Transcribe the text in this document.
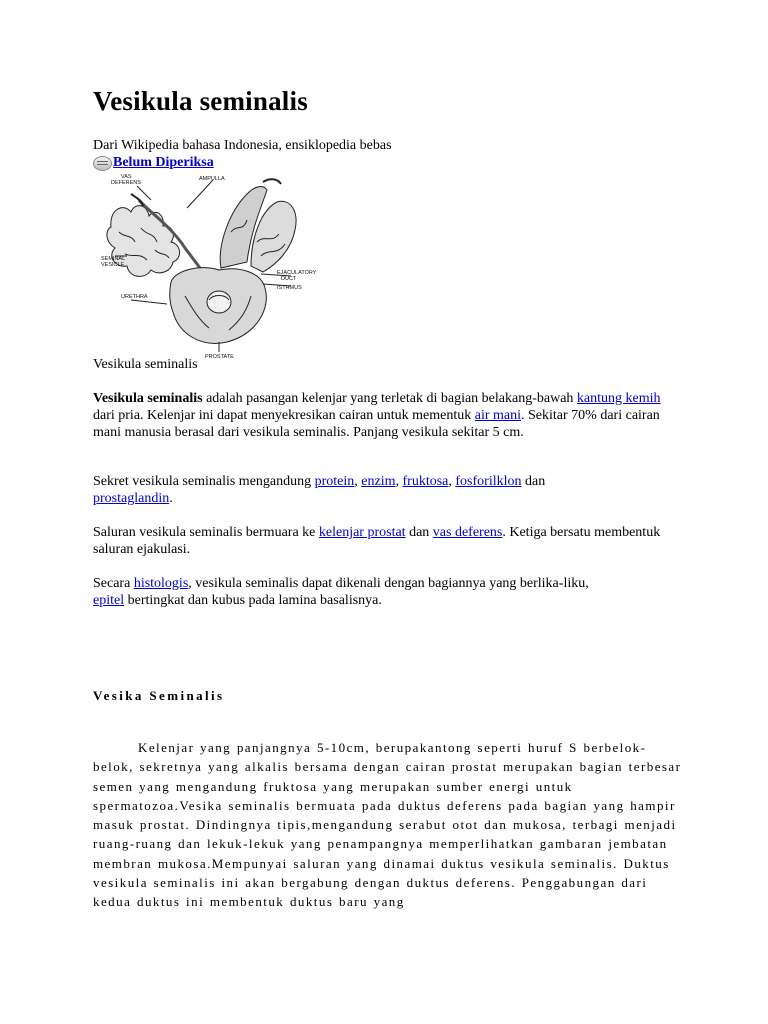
Vesikula seminalis
Dari Wikipedia bahasa Indonesia, ensiklopedia bebas
Belum Diperiksa
VAS
DEFERENS
AMPULLA
SEMINAL
VESICLE
EJACULATORY
DUCT
ISTHMUS
URETHRA
PROSTATE
Vesikula seminalis

Vesikula seminalis adalah pasangan kelenjar yang terletak di bagian belakang-bawah kantung kemih dari pria. Kelenjar ini dapat menyekresikan cairan untuk mementuk air mani. Sekitar 70% dari cairan mani manusia berasal dari vesikula seminalis. Panjang vesikula sekitar 5 cm.

Sekret vesikula seminalis mengandung protein, enzim, fruktosa, fosforilklon dan
prostaglandin.

Saluran vesikula seminalis bermuara ke kelenjar prostat dan vas deferens. Ketiga bersatu membentuk saluran ejakulasi.

Secara histologis, vesikula seminalis dapat dikenali dengan bagiannya yang berlika-liku,
epitel bertingkat dan kubus pada lamina basalisnya.

Vesika Seminalis
Kelenjar yang panjangnya 5-10cm, berupakantong seperti huruf S berbelok-belok, sekretnya yang alkalis bersama dengan cairan prostat merupakan bagian terbesar semen yang mengandung fruktosa yang merupakan sumber energi untuk spermatozoa.Vesika seminalis bermuata pada duktus deferens pada bagian yang hampir masuk prostat. Dindingnya tipis,mengandung serabut otot dan mukosa, terbagi menjadi ruang-ruang dan lekuk-lekuk yang penampangnya memperlihatkan gambaran jembatan membran mukosa.Mempunyai saluran yang dinamai duktus vesikula seminalis. Duktus vesikula seminalis ini akan bergabung dengan duktus deferens. Penggabungan dari kedua duktus ini membentuk duktus baru yang
